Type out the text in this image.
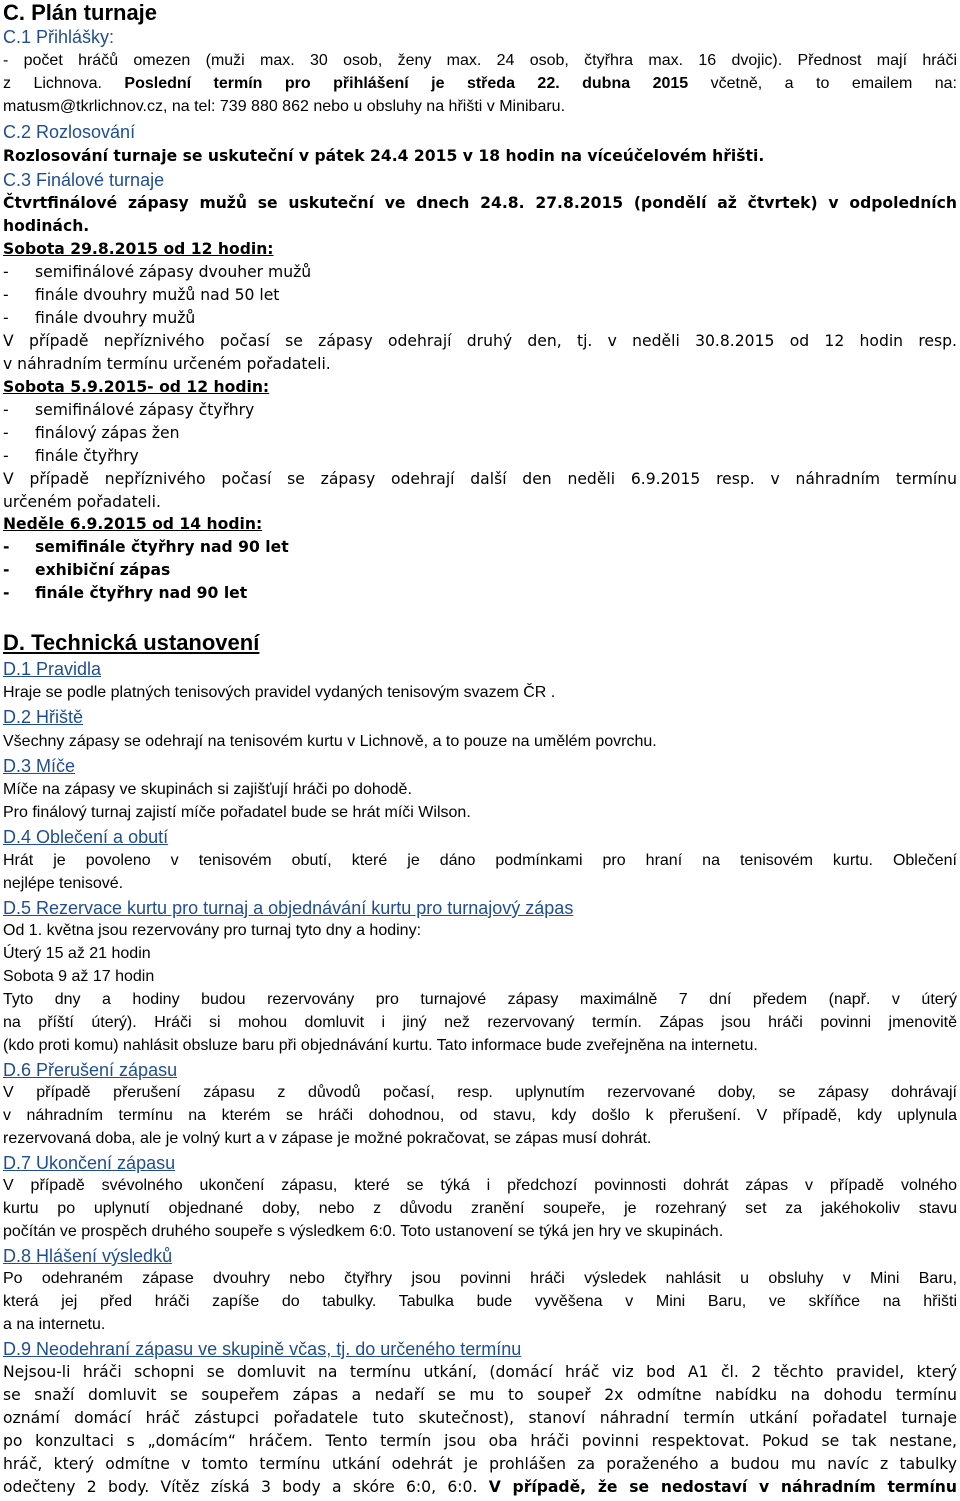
C. Plán turnaje
C.1 Přihlášky:
- počet hráčů omezen (muži max. 30 osob, ženy max. 24 osob, čtyřhra max. 16 dvojic). Přednost mají hráči
z Lichnova. Poslední termín pro přihlášení je středa 22. dubna 2015 včetně, a to emailem na:
matusm@tkrlichnov.cz, na tel: 739 880 862 nebo u obsluhy na hřišti v Minibaru.
C.2 Rozlosování
Rozlosování turnaje se uskuteční v pátek 24.4 2015 v 18 hodin na víceúčelovém hřišti.
C.3 Finálové turnaje
Čtvrtfinálové zápasy mužů se uskuteční ve dnech 24.8. 27.8.2015 (pondělí až čtvrtek) v odpoledních
hodinách.
Sobota 29.8.2015 od 12 hodin:
- semifinálové zápasy dvouher mužů
- finále dvouhry mužů nad 50 let
- finále dvouhry mužů
V případě nepříznivého počasí se zápasy odehrají druhý den, tj. v neděli 30.8.2015 od 12 hodin resp.
v náhradním termínu určeném pořadateli.
Sobota 5.9.2015- od 12 hodin:
- semifinálové zápasy čtyřhry
- finálový zápas žen
- finále čtyřhry
V případě nepříznivého počasí se zápasy odehrají další den neděli 6.9.2015 resp. v náhradním termínu
určeném pořadateli.
Neděle 6.9.2015 od 14 hodin:
- semifinále čtyřhry nad 90 let
- exhibiční zápas
- finále čtyřhry nad 90 let
D. Technická ustanovení
D.1 Pravidla
Hraje se podle platných tenisových pravidel vydaných tenisovým svazem ČR .
D.2 Hřiště
Všechny zápasy se odehrají na tenisovém kurtu v Lichnově, a to pouze na umělém povrchu.
D.3 Míče
Míče na zápasy ve skupinách si zajišťují hráči po dohodě.
Pro finálový turnaj zajistí míče pořadatel bude se hrát míči Wilson.
D.4 Oblečení a obutí
Hrát je povoleno v tenisovém obutí, které je dáno podmínkami pro hraní na tenisovém kurtu. Oblečení
nejlépe tenisové.
D.5 Rezervace kurtu pro turnaj a objednávání kurtu pro turnajový zápas
Od 1. května jsou rezervovány pro turnaj tyto dny a hodiny:
Úterý 15 až 21 hodin
Sobota 9 až 17 hodin
Tyto dny a hodiny budou rezervovány pro turnajové zápasy maximálně 7 dní předem (např. v úterý
na příští úterý). Hráči si mohou domluvit i jiný než rezervovaný termín. Zápas jsou hráči povinni jmenovitě
(kdo proti komu) nahlásit obsluze baru při objednávání kurtu. Tato informace bude zveřejněna na internetu.
D.6 Přerušení zápasu
V případě přerušení zápasu z důvodů počasí, resp. uplynutím rezervované doby, se zápasy dohrávají
v náhradním termínu na kterém se hráči dohodnou, od stavu, kdy došlo k přerušení. V případě, kdy uplynula
rezervovaná doba, ale je volný kurt a v zápase je možné pokračovat, se zápas musí dohrát.
D.7 Ukončení zápasu
V případě svévolného ukončení zápasu, které se týká i předchozí povinnosti dohrát zápas v případě volného
kurtu po uplynutí objednané doby, nebo z důvodu zranění soupeře, je rozehraný set za jakéhokoliv stavu
počítán ve prospěch druhého soupeře s výsledkem 6:0. Toto ustanovení se týká jen hry ve skupinách.
D.8 Hlášení výsledků
Po odehraném zápase dvouhry nebo čtyřhry jsou povinni hráči výsledek nahlásit u obsluhy v Mini Baru,
která jej před hráči zapíše do tabulky. Tabulka bude vyvěšena v Mini Baru, ve skříňce na hřišti
a na internetu.
D.9 Neodehraní zápasu ve skupině včas, tj. do určeného termínu
Nejsou-li hráči schopni se domluvit na termínu utkání, (domácí hráč viz bod A1 čl. 2 těchto pravidel, který
se snaží domluvit se soupeřem zápas a nedaří se mu to soupeř 2x odmítne nabídku na dohodu termínu
oznámí domácí hráč zástupci pořadatele tuto skutečnost), stanoví náhradní termín utkání pořadatel turnaje
po konzultaci s „domácím“ hráčem. Tento termín jsou oba hráči povinni respektovat. Pokud se tak nestane,
hráč, který odmítne v tomto termínu utkání odehrát je prohlášen za poraženého a budou mu navíc z tabulky
odečteny 2 body. Vítěz získá 3 body a skóre 6:0, 6:0. V případě, že se nedostaví v náhradním termínu
